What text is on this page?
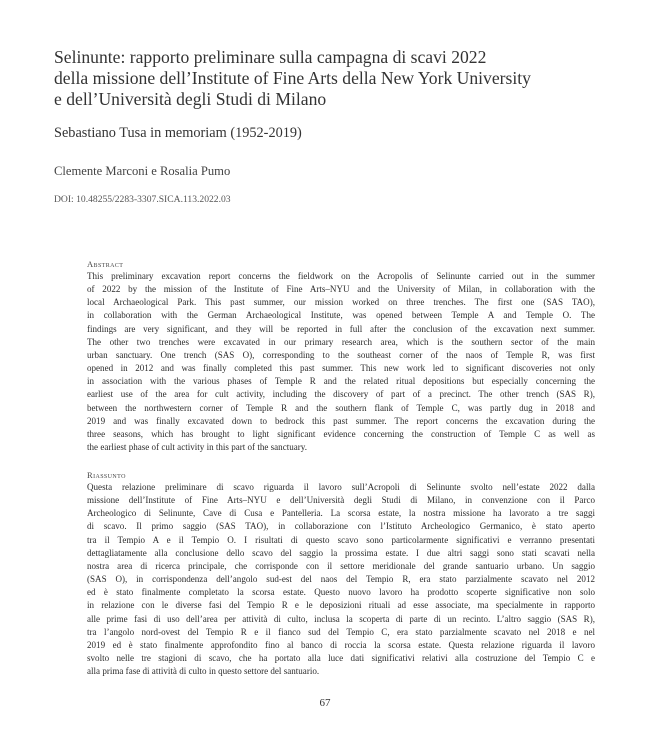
Selinunte: rapporto preliminare sulla campagna di scavi 2022
della missione dell’Institute of Fine Arts della New York University
e dell’Università degli Studi di Milano
Sebastiano Tusa in memoriam (1952-2019)
Clemente Marconi e Rosalia Pumo
DOI: 10.48255/2283-3307.SICA.113.2022.03
Abstract
This preliminary excavation report concerns the fieldwork on the Acropolis of Selinunte carried out in the summer
of 2022 by the mission of the Institute of Fine Arts–NYU and the University of Milan, in collaboration with the
local Archaeological Park. This past summer, our mission worked on three trenches. The first one (SAS TAO),
in collaboration with the German Archaeological Institute, was opened between Temple A and Temple O. The
findings are very significant, and they will be reported in full after the conclusion of the excavation next summer.
The other two trenches were excavated in our primary research area, which is the southern sector of the main
urban sanctuary. One trench (SAS O), corresponding to the southeast corner of the naos of Temple R, was first
opened in 2012 and was finally completed this past summer. This new work led to significant discoveries not only
in association with the various phases of Temple R and the related ritual depositions but especially concerning the
earliest use of the area for cult activity, including the discovery of part of a precinct. The other trench (SAS R),
between the northwestern corner of Temple R and the southern flank of Temple C, was partly dug in 2018 and
2019 and was finally excavated down to bedrock this past summer. The report concerns the excavation during the
three seasons, which has brought to light significant evidence concerning the construction of Temple C as well as
the earliest phase of cult activity in this part of the sanctuary.
Riassunto
Questa relazione preliminare di scavo riguarda il lavoro sull’Acropoli di Selinunte svolto nell’estate 2022 dalla
missione dell’Institute of Fine Arts–NYU e dell’Università degli Studi di Milano, in convenzione con il Parco
Archeologico di Selinunte, Cave di Cusa e Pantelleria. La scorsa estate, la nostra missione ha lavorato a tre saggi
di scavo. Il primo saggio (SAS TAO), in collaborazione con l’Istituto Archeologico Germanico, è stato aperto
tra il Tempio A e il Tempio O. I risultati di questo scavo sono particolarmente significativi e verranno presentati
dettagliatamente alla conclusione dello scavo del saggio la prossima estate. I due altri saggi sono stati scavati nella
nostra area di ricerca principale, che corrisponde con il settore meridionale del grande santuario urbano. Un saggio
(SAS O), in corrispondenza dell’angolo sud-est del naos del Tempio R, era stato parzialmente scavato nel 2012
ed è stato finalmente completato la scorsa estate. Questo nuovo lavoro ha prodotto scoperte significative non solo
in relazione con le diverse fasi del Tempio R e le deposizioni rituali ad esse associate, ma specialmente in rapporto
alle prime fasi di uso dell’area per attività di culto, inclusa la scoperta di parte di un recinto. L’altro saggio (SAS R),
tra l’angolo nord-ovest del Tempio R e il fianco sud del Tempio C, era stato parzialmente scavato nel 2018 e nel
2019 ed è stato finalmente approfondito fino al banco di roccia la scorsa estate. Questa relazione riguarda il lavoro
svolto nelle tre stagioni di scavo, che ha portato alla luce dati significativi relativi alla costruzione del Tempio C e
alla prima fase di attività di culto in questo settore del santuario.
67
